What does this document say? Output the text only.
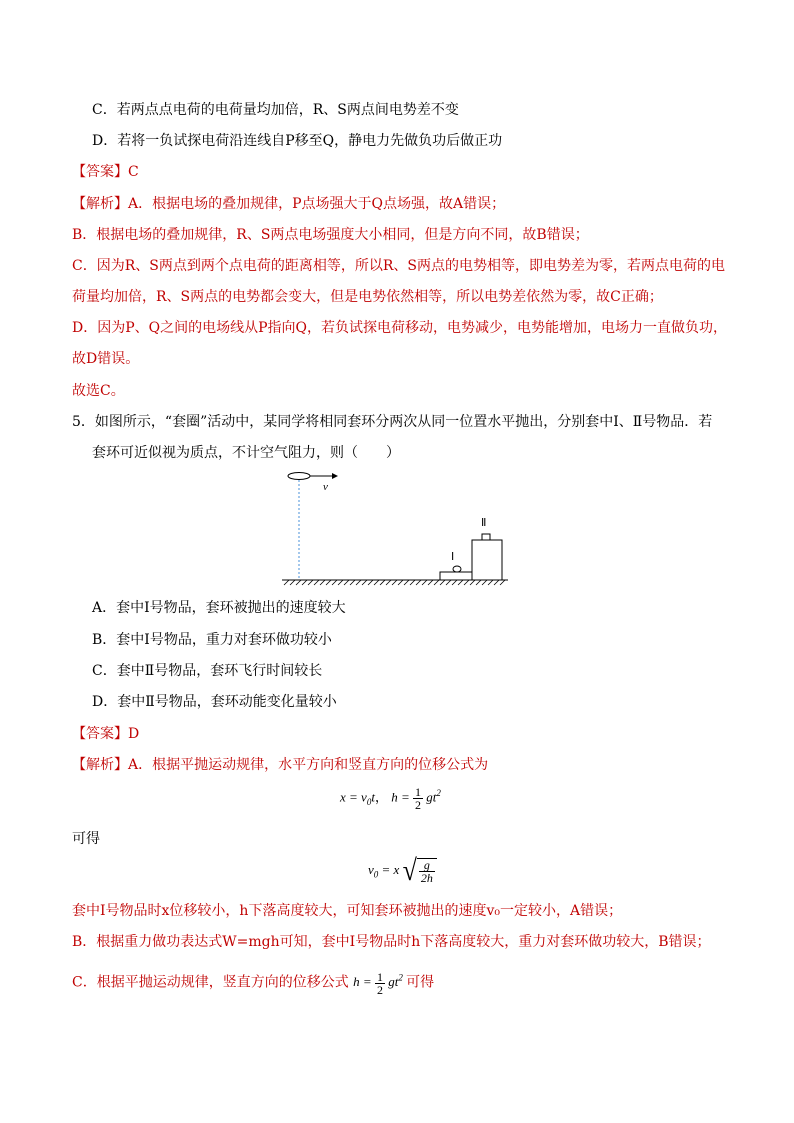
C．若两点点电荷的电荷量均加倍，R、S两点间电势差不变
D．若将一负试探电荷沿连线自P移至Q，静电力先做负功后做正功
【答案】C
【解析】A．根据电场的叠加规律，P点场强大于Q点场强，故A错误；
B．根据电场的叠加规律，R、S两点电场强度大小相同，但是方向不同，故B错误；
C．因为R、S两点到两个点电荷的距离相等，所以R、S两点的电势相等，即电势差为零，若两点电荷的电
荷量均加倍，R、S两点的电势都会变大，但是电势依然相等，所以电势差依然为零，故C正确；
D．因为P、Q之间的电场线从P指向Q，若负试探电荷移动，电势减少，电势能增加，电场力一直做负功，
故D错误。
故选C。
5．如图所示，“套圈”活动中，某同学将相同套环分两次从同一位置水平抛出，分别套中Ⅰ、Ⅱ号物品．若
套环可近似视为质点，不计空气阻力，则（　　）
v
Ⅰ
Ⅱ
A．套中Ⅰ号物品，套环被抛出的速度较大
B．套中Ⅰ号物品，重力对套环做功较小
C．套中Ⅱ号物品，套环飞行时间较长
D．套中Ⅱ号物品，套环动能变化量较小
【答案】D
【解析】A．根据平抛运动规律，水平方向和竖直方向的位移公式为
$x = v_0t$， $h = \frac{1}{2} gt^2$
可得
$v_0 = x$ √ $\frac{g}{2h}$
套中Ⅰ号物品时x位移较小，h下落高度较大，可知套环被抛出的速度v₀一定较小，A错误；
B．根据重力做功表达式W=mgh可知，套中Ⅰ号物品时h下落高度较大，重力对套环做功较大，B错误；
C．根据平抛运动规律，竖直方向的位移公式 $h = \frac{1}{2} gt^2$ 可得
